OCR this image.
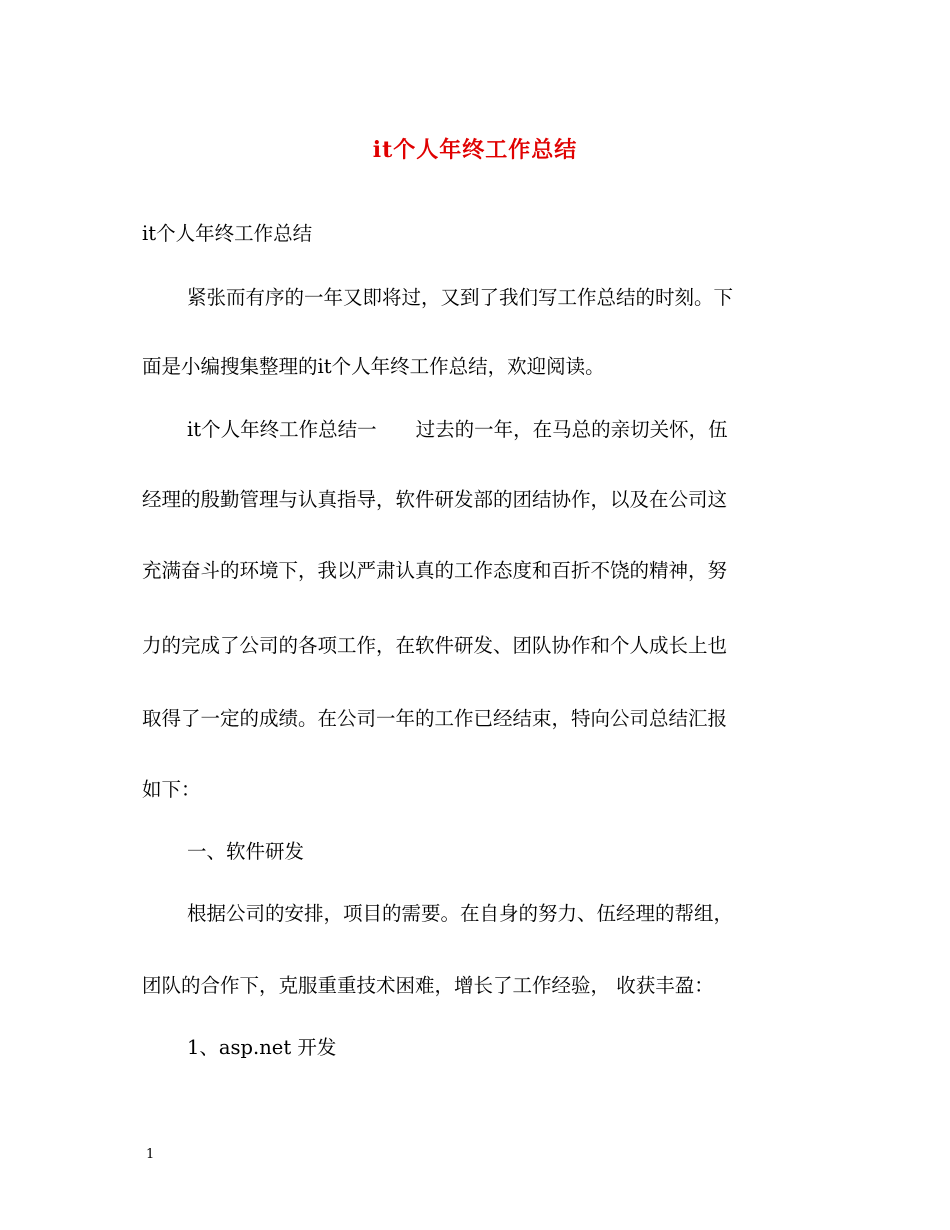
it个人年终工作总结
it个人年终工作总结
紧张而有序的一年又即将过，又到了我们写工作总结的时刻。下
面是小编搜集整理的it个人年终工作总结，欢迎阅读。
it个人年终工作总结一　　过去的一年，在马总的亲切关怀，伍
经理的殷勤管理与认真指导，软件研发部的团结协作，以及在公司这
充满奋斗的环境下，我以严肃认真的工作态度和百折不饶的精神，努
力的完成了公司的各项工作，在软件研发、团队协作和个人成长上也
取得了一定的成绩。在公司一年的工作已经结束，特向公司总结汇报
如下：
一、软件研发
根据公司的安排，项目的需要。在自身的努力、伍经理的帮组，
团队的合作下，克服重重技术困难，增长了工作经验， 收获丰盈：
1、asp.net 开发
1
